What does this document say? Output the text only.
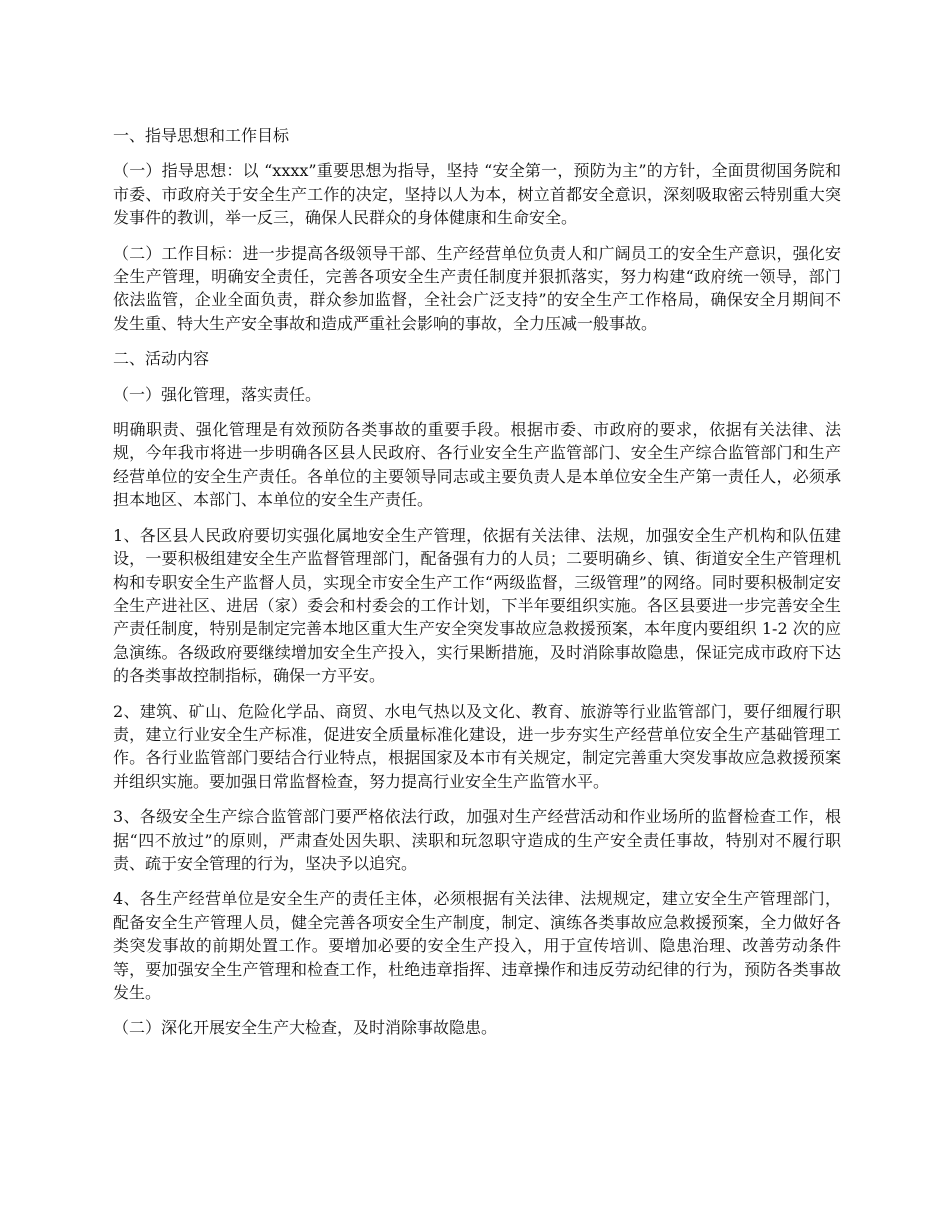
一、指导思想和工作目标

（一）指导思想：以 “xxxx”重要思想为指导，坚持 “安全第一，预防为主”的方针，全面贯彻国务院和市委、市政府关于安全生产工作的决定，坚持以人为本，树立首都安全意识，深刻吸取密云特别重大突发事件的教训，举一反三，确保人民群众的身体健康和生命安全。

（二）工作目标：进一步提高各级领导干部、生产经营单位负责人和广阔员工的安全生产意识，强化安全生产管理，明确安全责任，完善各项安全生产责任制度并狠抓落实，努力构建“政府统一领导，部门依法监管，企业全面负责，群众参加监督，全社会广泛支持”的安全生产工作格局，确保安全月期间不发生重、特大生产安全事故和造成严重社会影响的事故，全力压减一般事故。

二、活动内容

（一）强化管理，落实责任。

明确职责、强化管理是有效预防各类事故的重要手段。根据市委、市政府的要求，依据有关法律、法规，今年我市将进一步明确各区县人民政府、各行业安全生产监管部门、安全生产综合监管部门和生产经营单位的安全生产责任。各单位的主要领导同志或主要负责人是本单位安全生产第一责任人，必须承担本地区、本部门、本单位的安全生产责任。

1、各区县人民政府要切实强化属地安全生产管理，依据有关法律、法规，加强安全生产机构和队伍建设，一要积极组建安全生产监督管理部门，配备强有力的人员；二要明确乡、镇、街道安全生产管理机构和专职安全生产监督人员，实现全市安全生产工作“两级监督，三级管理”的网络。同时要积极制定安全生产进社区、进居（家）委会和村委会的工作计划，下半年要组织实施。各区县要进一步完善安全生产责任制度，特别是制定完善本地区重大生产安全突发事故应急救援预案，本年度内要组织 1-2 次的应急演练。各级政府要继续增加安全生产投入，实行果断措施，及时消除事故隐患，保证完成市政府下达的各类事故控制指标，确保一方平安。

2、建筑、矿山、危险化学品、商贸、水电气热以及文化、教育、旅游等行业监管部门，要仔细履行职责，建立行业安全生产标准，促进安全质量标准化建设，进一步夯实生产经营单位安全生产基础管理工作。各行业监管部门要结合行业特点，根据国家及本市有关规定，制定完善重大突发事故应急救援预案并组织实施。要加强日常监督检查，努力提高行业安全生产监管水平。

3、各级安全生产综合监管部门要严格依法行政，加强对生产经营活动和作业场所的监督检查工作，根据“四不放过”的原则，严肃查处因失职、渎职和玩忽职守造成的生产安全责任事故，特别对不履行职责、疏于安全管理的行为，坚决予以追究。

4、各生产经营单位是安全生产的责任主体，必须根据有关法律、法规规定，建立安全生产管理部门，配备安全生产管理人员，健全完善各项安全生产制度，制定、演练各类事故应急救援预案，全力做好各类突发事故的前期处置工作。要增加必要的安全生产投入，用于宣传培训、隐患治理、改善劳动条件等，要加强安全生产管理和检查工作，杜绝违章指挥、违章操作和违反劳动纪律的行为，预防各类事故发生。

（二）深化开展安全生产大检查，及时消除事故隐患。
